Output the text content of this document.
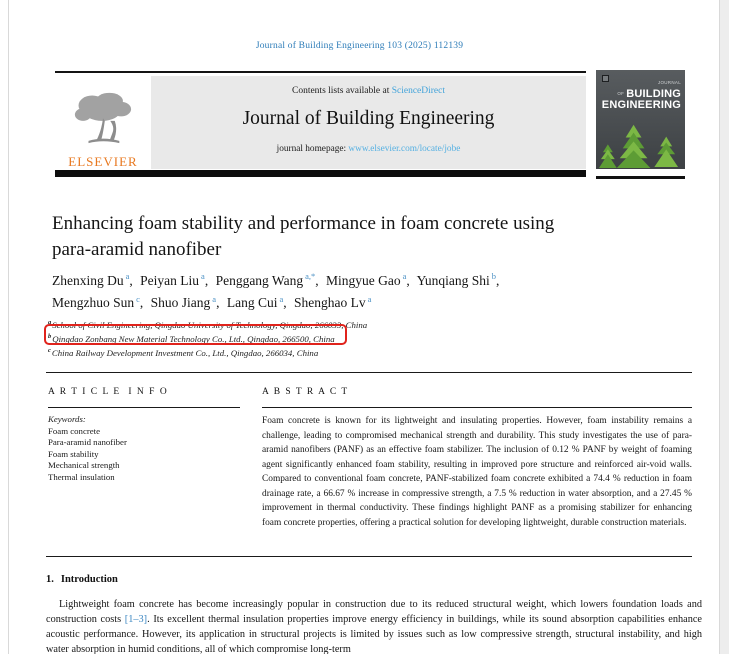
Journal of Building Engineering 103 (2025) 112139
ELSEVIER
Contents lists available at ScienceDirect
Journal of Building Engineering
journal homepage: www.elsevier.com/locate/jobe
JOURNAL OF BUILDING
ENGINEERING
Enhancing foam stability and performance in foam concrete using
para-aramid nanofiber
Zhenxing Du $^a$, Peiyan Liu $^a$, Penggang Wang $^{a,*}$, Mingyue Gao $^a$, Yunqiang Shi $^b$,
Mengzhuo Sun $^c$, Shuo Jiang $^a$, Lang Cui $^a$, Shenghao Lv $^a$
$^a$School of Civil Engineering, Qingdao University of Technology, Qingdao, 266033, China
$^b$Qingdao Zonbang New Material Technology Co., Ltd., Qingdao, 266500, China
$^c$China Railway Development Investment Co., Ltd., Qingdao, 266034, China
A R T I C L E  I N F O
Keywords:
Foam concrete
Para-aramid nanofiber
Foam stability
Mechanical strength
Thermal insulation
A B S T R A C T
Foam concrete is known for its lightweight and insulating properties. However, foam instability remains a challenge, leading to compromised mechanical strength and durability. This study investigates the use of para-aramid nanofibers (PANF) as an effective foam stabilizer. The inclusion of 0.12 % PANF by weight of foaming agent significantly enhanced foam stability, resulting in improved pore structure and reinforced air-void walls. Compared to conventional foam concrete, PANF-stabilized foam concrete exhibited a 74.4 % reduction in foam drainage rate, a 66.67 % increase in compressive strength, a 7.5 % reduction in water absorption, and a 27.45 % improvement in thermal conductivity. These findings highlight PANF as a promising stabilizer for enhancing foam concrete properties, offering a practical solution for developing lightweight, durable construction materials.
1. Introduction
Lightweight foam concrete has become increasingly popular in construction due to its reduced structural weight, which lowers foundation loads and construction costs [1–3]. Its excellent thermal insulation properties improve energy efficiency in buildings, while its sound absorption capabilities enhance acoustic performance. However, its application in structural projects is limited by issues such as low compressive strength, structural instability, and high water absorption in humid conditions, all of which compromise long-term
